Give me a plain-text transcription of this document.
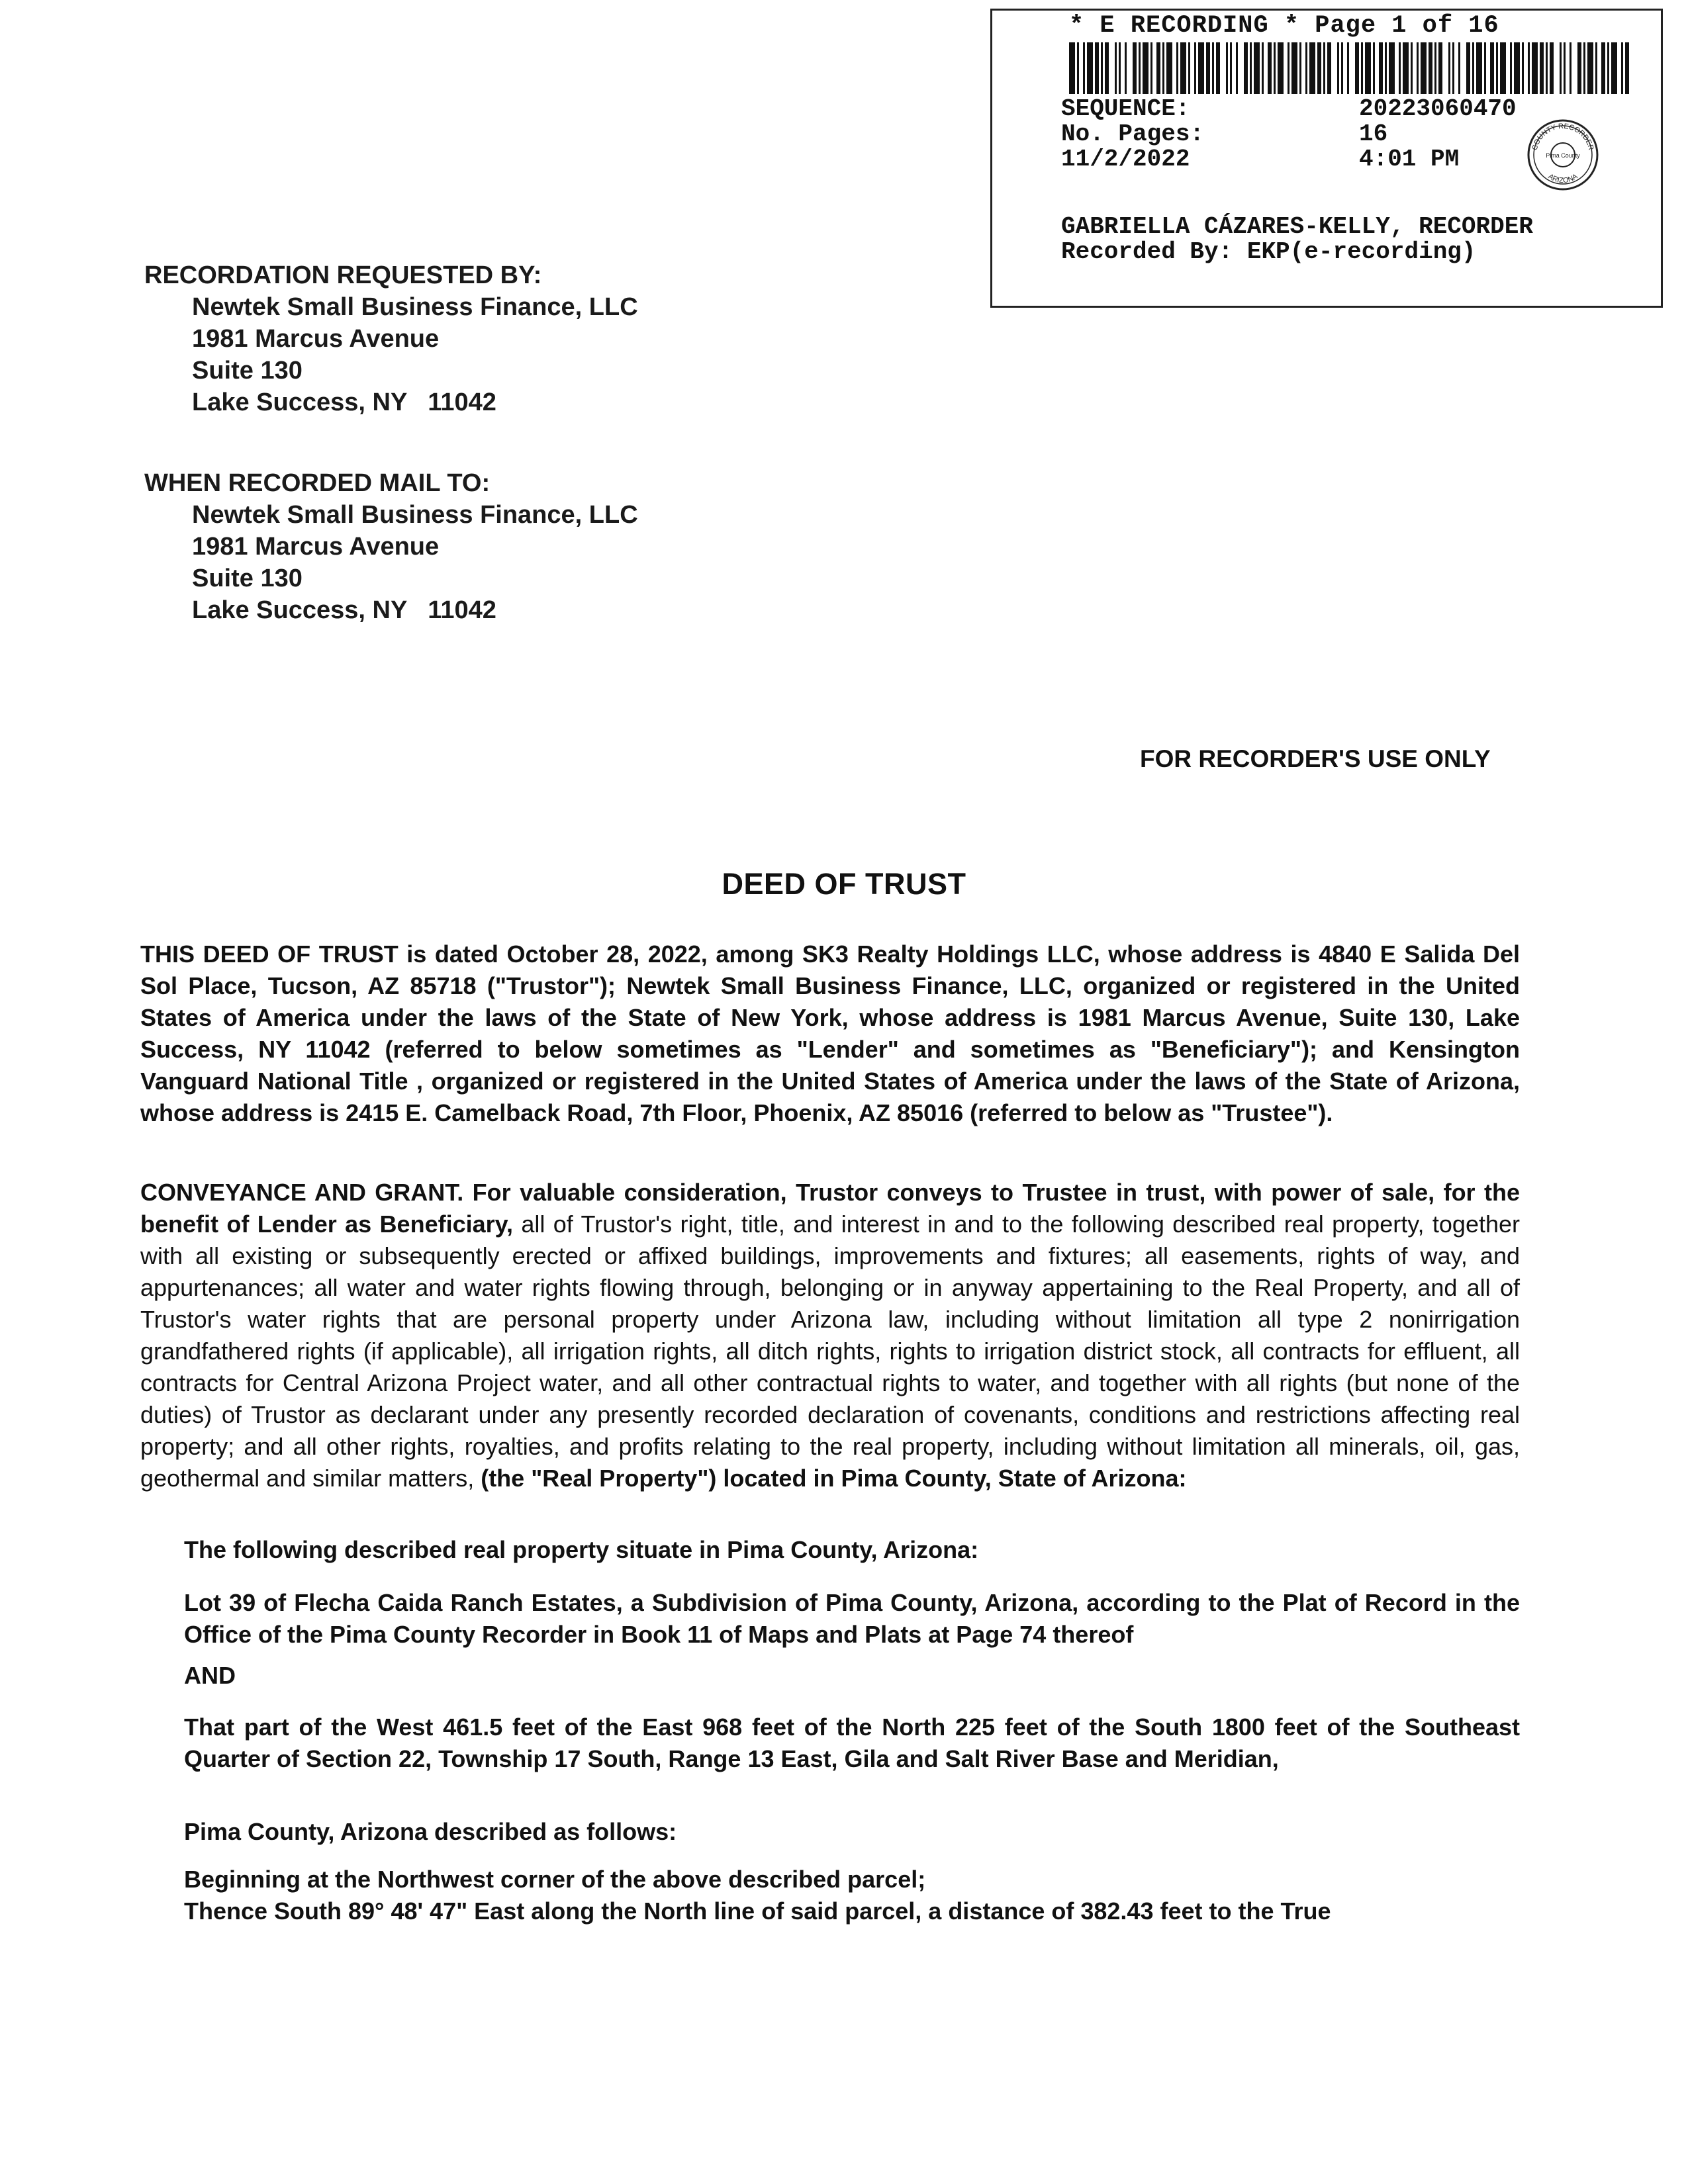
* E RECORDING * Page 1 of 16
SEQUENCE:	20223060470
No. Pages:	16
11/2/2022	4:01 PM	COUNTY RECORDER
Pima County
ARIZONA
GABRIELLA CÁZARES-KELLY, RECORDER
Recorded By: EKP(e-recording)
RECORDATION REQUESTED BY:
Newtek Small Business Finance, LLC
1981 Marcus Avenue
Suite 130
Lake Success, NY   11042
WHEN RECORDED MAIL TO:
Newtek Small Business Finance, LLC
1981 Marcus Avenue
Suite 130
Lake Success, NY   11042
FOR RECORDER'S USE ONLY
DEED OF TRUST
THIS DEED OF TRUST is dated October 28, 2022, among SK3 Realty Holdings LLC, whose address is 4840 E Salida Del Sol Place, Tucson, AZ 85718 ("Trustor"); Newtek Small Business Finance, LLC, organized or registered in the United States of America under the laws of the State of New York, whose address is 1981 Marcus Avenue, Suite 130, Lake Success, NY 11042 (referred to below sometimes as "Lender" and sometimes as "Beneficiary"); and Kensington Vanguard National Title , organized or registered in the United States of America under the laws of the State of Arizona, whose address is 2415 E. Camelback Road, 7th Floor, Phoenix, AZ 85016 (referred to below as "Trustee").
CONVEYANCE AND GRANT. For valuable consideration, Trustor conveys to Trustee in trust, with power of sale, for the benefit of Lender as Beneficiary, all of Trustor's right, title, and interest in and to the following described real property, together with all existing or subsequently erected or affixed buildings, improvements and fixtures; all easements, rights of way, and appurtenances; all water and water rights flowing through, belonging or in anyway appertaining to the Real Property, and all of Trustor's water rights that are personal property under Arizona law, including without limitation all type 2 nonirrigation grandfathered rights (if applicable), all irrigation rights, all ditch rights, rights to irrigation district stock, all contracts for effluent, all contracts for Central Arizona Project water, and all other contractual rights to water, and together with all rights (but none of the duties) of Trustor as declarant under any presently recorded declaration of covenants, conditions and restrictions affecting real property; and all other rights, royalties, and profits relating to the real property, including without limitation all minerals, oil, gas, geothermal and similar matters, (the "Real Property") located in Pima County, State of Arizona:
The following described real property situate in Pima County, Arizona:
Lot 39 of Flecha Caida Ranch Estates, a Subdivision of Pima County, Arizona, according to the Plat of Record in the Office of the Pima County Recorder in Book 11 of Maps and Plats at Page 74 thereof
AND
That part of the West 461.5 feet of the East 968 feet of the North 225 feet of the South 1800 feet of the Southeast Quarter of Section 22, Township 17 South, Range 13 East, Gila and Salt River Base and Meridian,
Pima County, Arizona described as follows:
Beginning at the Northwest corner of the above described parcel;
Thence South 89° 48' 47" East along the North line of said parcel, a distance of 382.43 feet to the True
